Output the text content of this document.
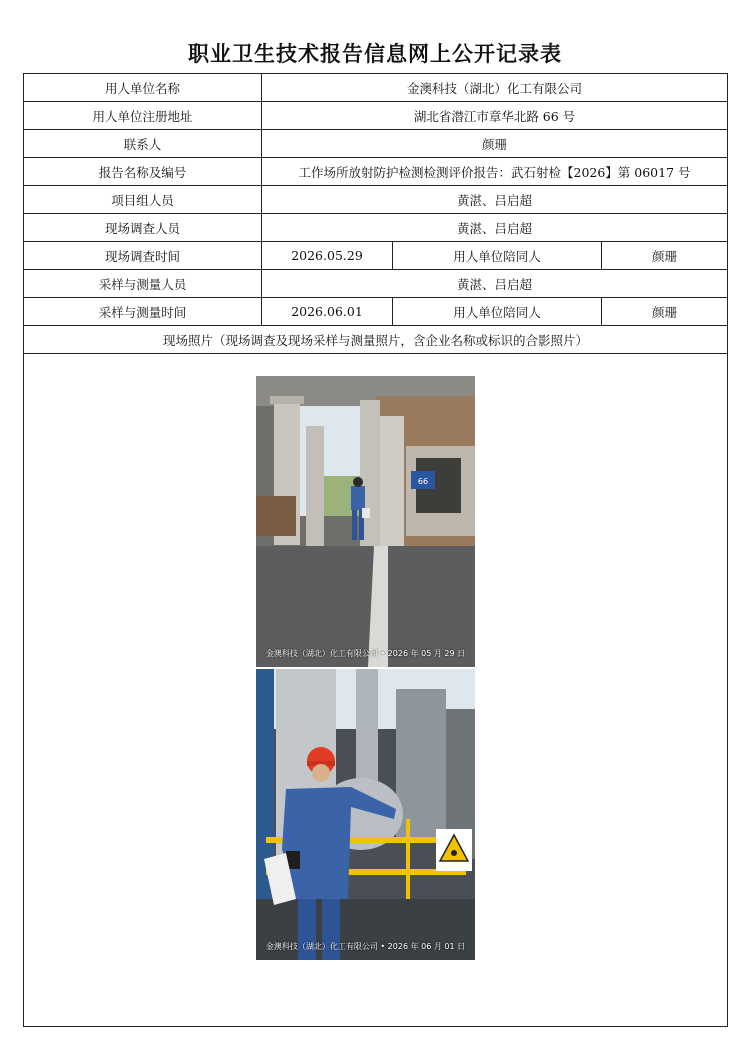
职业卫生技术报告信息网上公开记录表
用人单位名称	金澳科技（湖北）化工有限公司		
用人单位注册地址	湖北省潜江市章华北路 66 号		
联系人	颜珊		
报告名称及编号	工作场所放射防护检测检测评价报告：武石射检【2026】第 06017 号		
项目组人员	黄湛、吕启超		
现场调查人员	黄湛、吕启超		
现场调查时间	2026.05.29	用人单位陪同人	颜珊
采样与测量人员	黄湛、吕启超		
采样与测量时间	2026.06.01	用人单位陪同人	颜珊
现场照片（现场调查及现场采样与测量照片，含企业名称或标识的合影照片）			

66
金澳科技（湖北）化工有限公司 • 2026 年 05 月 29 日
金澳科技（湖北）化工有限公司 • 2026 年 06 月 01 日			
